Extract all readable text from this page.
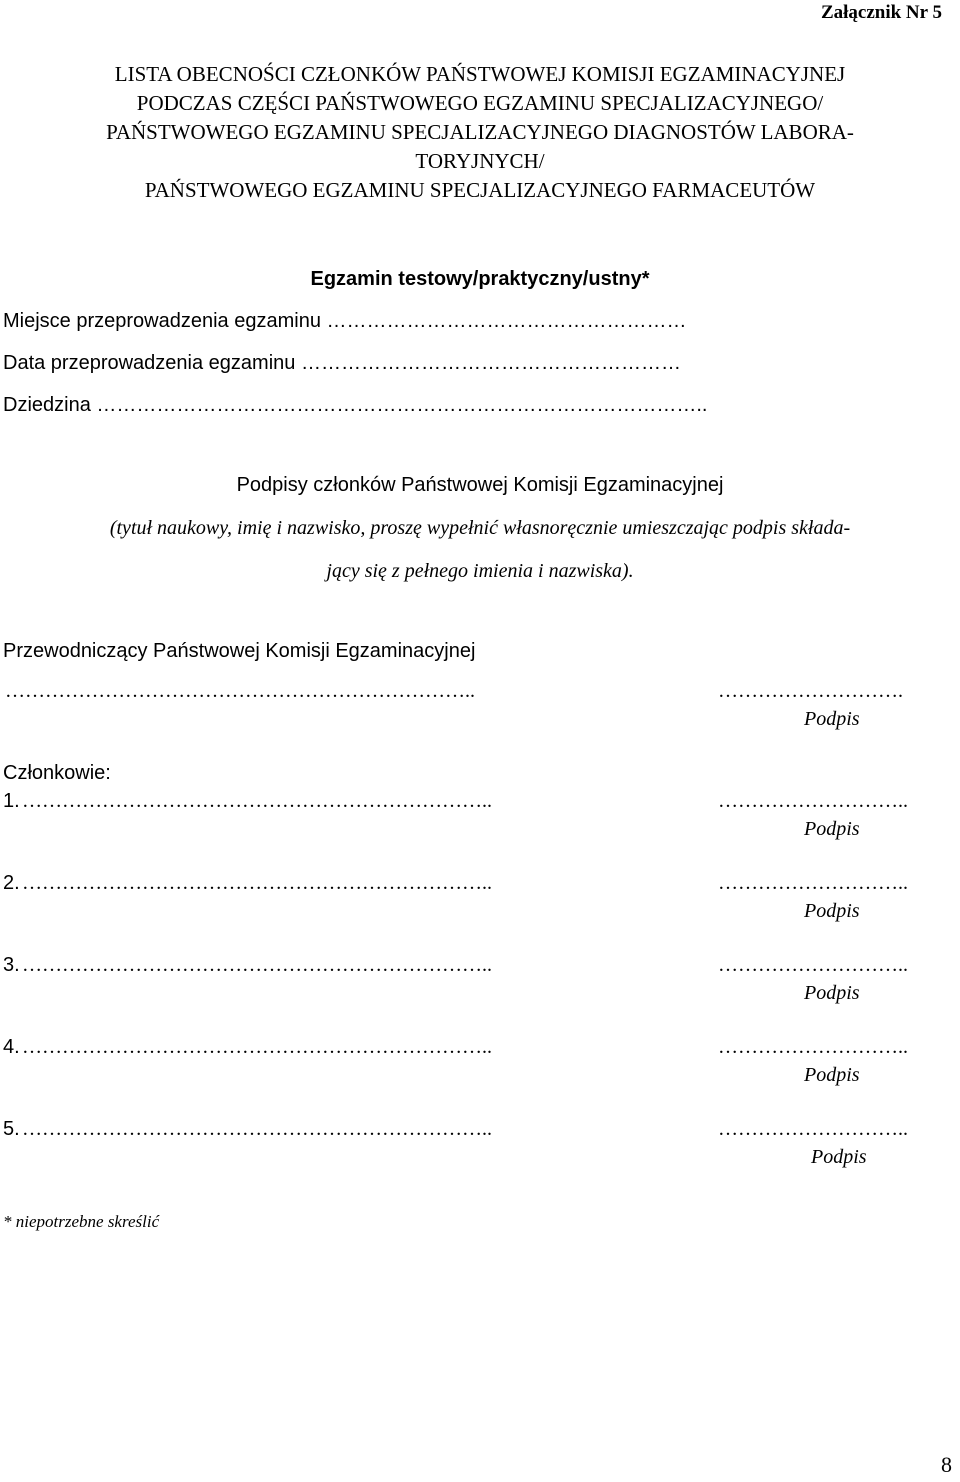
Załącznik Nr 5
LISTA OBECNOŚCI CZŁONKÓW PAŃSTWOWEJ KOMISJI EGZAMINACYJNEJ
PODCZAS CZĘŚCI PAŃSTWOWEGO EGZAMINU SPECJALIZACYJNEGO/
PAŃSTWOWEGO EGZAMINU SPECJALIZACYJNEGO DIAGNOSTÓW LABORA-
TORYJNYCH/
PAŃSTWOWEGO EGZAMINU SPECJALIZACYJNEGO FARMACEUTÓW
Egzamin testowy/praktyczny/ustny*
Miejsce przeprowadzenia egzaminu ………………………………………………
Data przeprowadzenia egzaminu …………………………………………………
Dziedzina ………………………………………………………………………………..
Podpisy członków Państwowej Komisji Egzaminacyjnej
(tytuł naukowy, imię i nazwisko, proszę wypełnić własnoręcznie umieszczając podpis składa-
jący się z pełnego imienia i nazwiska).
Przewodniczący Państwowej Komisji Egzaminacyjnej
……………………………………………………………..	……………………….
Podpis
Członkowie:
1. ……………………………………………………………..	………………………..
Podpis
2. ……………………………………………………………..	………………………..
Podpis
3. ……………………………………………………………..	………………………..
Podpis
4. ……………………………………………………………..	………………………..
Podpis
5. ……………………………………………………………..	………………………..
Podpis
* niepotrzebne skreślić
8
